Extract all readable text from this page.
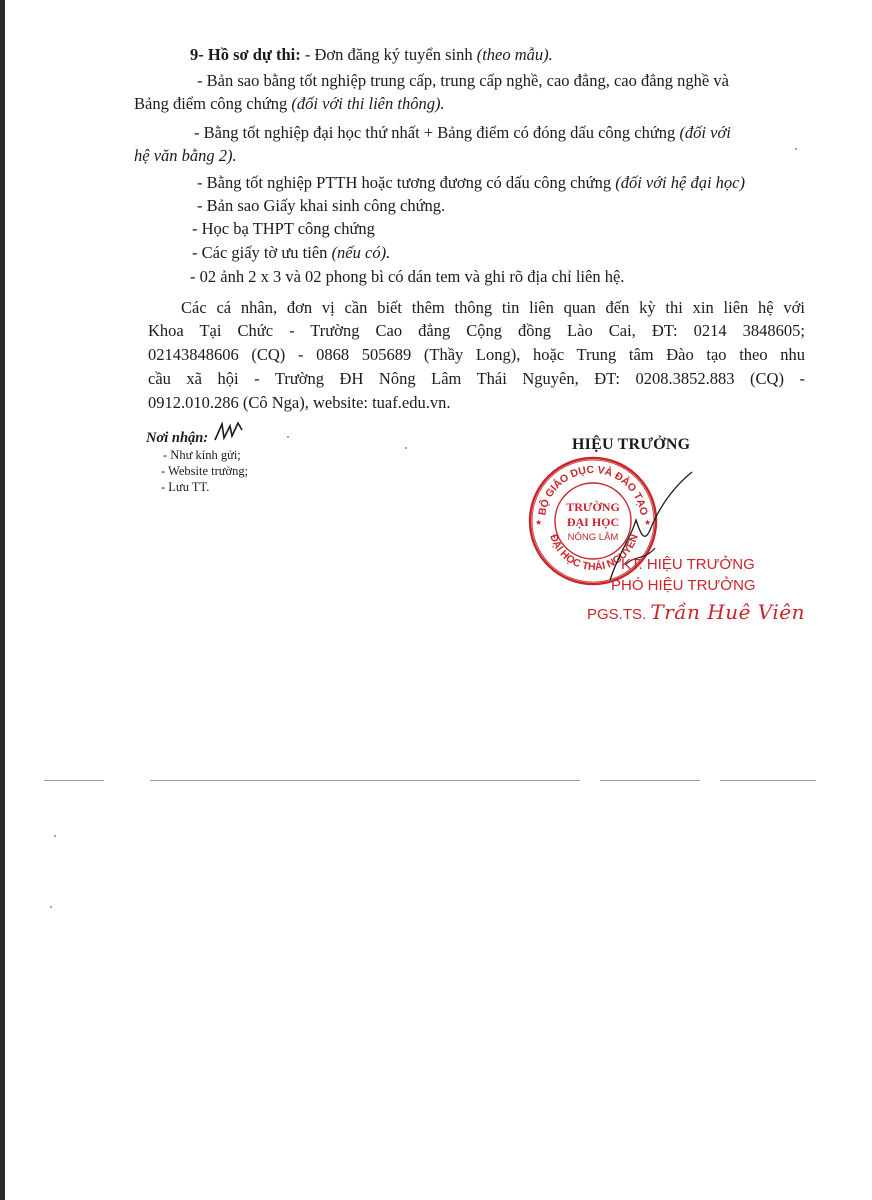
9- Hồ sơ dự thi: - Đơn đăng ký tuyển sinh (theo mẫu).
- Bản sao bằng tốt nghiệp trung cấp, trung cấp nghề, cao đẳng, cao đẳng nghề và
Bảng điểm công chứng (đối với thi liên thông).
- Bằng tốt nghiệp đại học thứ nhất + Bảng điểm có đóng dấu công chứng (đối với
hệ văn bằng 2).
- Bằng tốt nghiệp PTTH hoặc tương đương có dấu công chứng (đối với hệ đại học)
- Bản sao Giấy khai sinh công chứng.
- Học bạ THPT công chứng
- Các giấy tờ ưu tiên (nếu có).
- 02 ảnh 2 x 3 và 02 phong bì có dán tem và ghi rõ địa chỉ liên hệ.
Các cá nhân, đơn vị cần biết thêm thông tin liên quan đến kỳ thi xin liên hệ với
Khoa Tại Chức - Trường Cao đẳng Cộng đồng Lào Cai, ĐT: 0214 3848605;
02143848606 (CQ) - 0868 505689 (Thầy Long), hoặc Trung tâm Đào tạo theo nhu
cầu xã hội - Trường ĐH Nông Lâm Thái Nguyên, ĐT: 0208.3852.883 (CQ) -
0912.010.286 (Cô Nga), website: tuaf.edu.vn.
Nơi nhận:
- Như kính gửi;
- Website trường;
- Lưu TT.
HIỆU TRƯỞNG
BỘ GIÁO DỤC VÀ ĐÀO TẠO
ĐẠI HỌC THÁI NGUYÊN
TRƯỜNG
ĐẠI HỌC
NÔNG LÂM
★	★
KT. HIỆU TRƯỞNG
PHÓ HIỆU TRƯỞNG
PGS.TS. Trần Huê Viên
